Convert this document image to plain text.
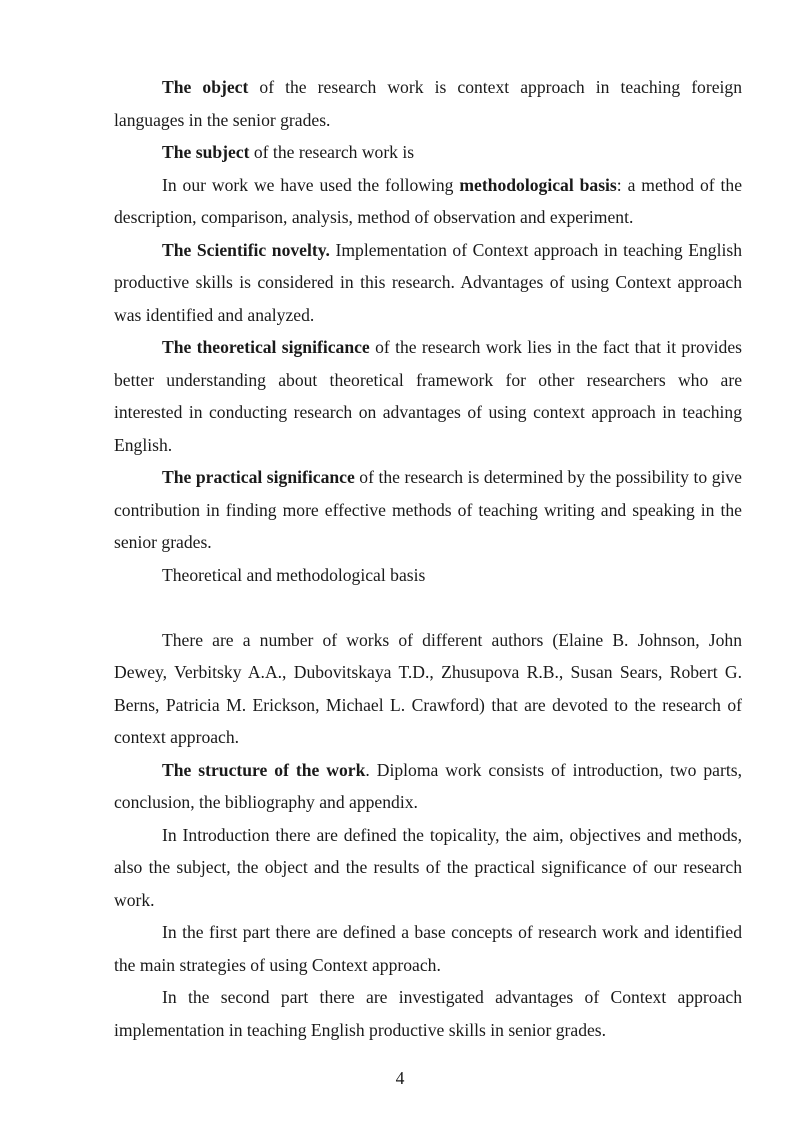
The object of the research work is context approach in teaching foreign languages in the senior grades.

The subject of the research work is

In our work we have used the following methodological basis: a method of the description, comparison, analysis, method of observation and experiment.

The Scientific novelty. Implementation of Context approach in teaching English productive skills is considered in this research. Advantages of using Context approach was identified and analyzed.

The theoretical significance of the research work lies in the fact that it provides better understanding about theoretical framework for other researchers who are interested in conducting research on advantages of using context approach in teaching English.

The practical significance of the research is determined by the possibility to give contribution in finding more effective methods of teaching writing and speaking in the senior grades.

Theoretical and methodological basis

There are a number of works of different authors (Elaine B. Johnson, John Dewey, Verbitsky A.A., Dubovitskaya T.D., Zhusupova R.B., Susan Sears, Robert G. Berns, Patricia M. Erickson, Michael L. Crawford) that are devoted to the research of context approach.

The structure of the work. Diploma work consists of introduction, two parts, conclusion, the bibliography and appendix.

In Introduction there are defined the topicality, the aim, objectives and methods, also the subject, the object and the results of the practical significance of our research work.

In the first part there are defined a base concepts of research work and identified the main strategies of using Context approach.

In the second part there are investigated advantages of Context approach implementation in teaching English productive skills in senior grades.

4
